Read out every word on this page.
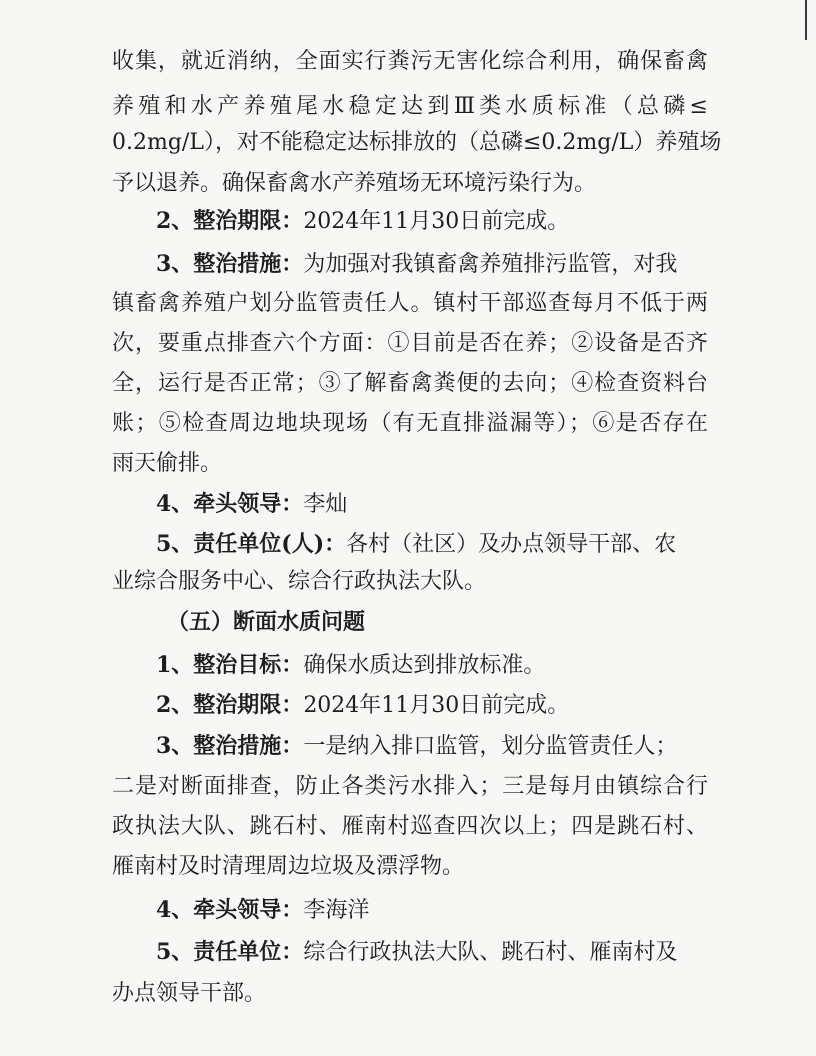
收集，就近消纳，全面实行粪污无害化综合利用，确保畜禽
养殖和水产养殖尾水稳定达到Ⅲ类水质标准（总磷≤
0.2mg/L），对不能稳定达标排放的（总磷≤0.2mg/L）养殖场
予以退养。确保畜禽水产养殖场无环境污染行为。
2、整治期限：2024年11月30日前完成。
3、整治措施：为加强对我镇畜禽养殖排污监管，对我
镇畜禽养殖户划分监管责任人。镇村干部巡查每月不低于两
次，要重点排查六个方面：①目前是否在养；②设备是否齐
全，运行是否正常；③了解畜禽粪便的去向；④检查资料台
账；⑤检查周边地块现场（有无直排溢漏等）；⑥是否存在
雨天偷排。
4、牵头领导：李灿
5、责任单位(人)：各村（社区）及办点领导干部、农
业综合服务中心、综合行政执法大队。
（五）断面水质问题
1、整治目标：确保水质达到排放标准。
2、整治期限：2024年11月30日前完成。
3、整治措施：一是纳入排口监管，划分监管责任人；
二是对断面排查，防止各类污水排入；三是每月由镇综合行
政执法大队、跳石村、雁南村巡查四次以上；四是跳石村、
雁南村及时清理周边垃圾及漂浮物。
4、牵头领导：李海洋
5、责任单位：综合行政执法大队、跳石村、雁南村及
办点领导干部。
